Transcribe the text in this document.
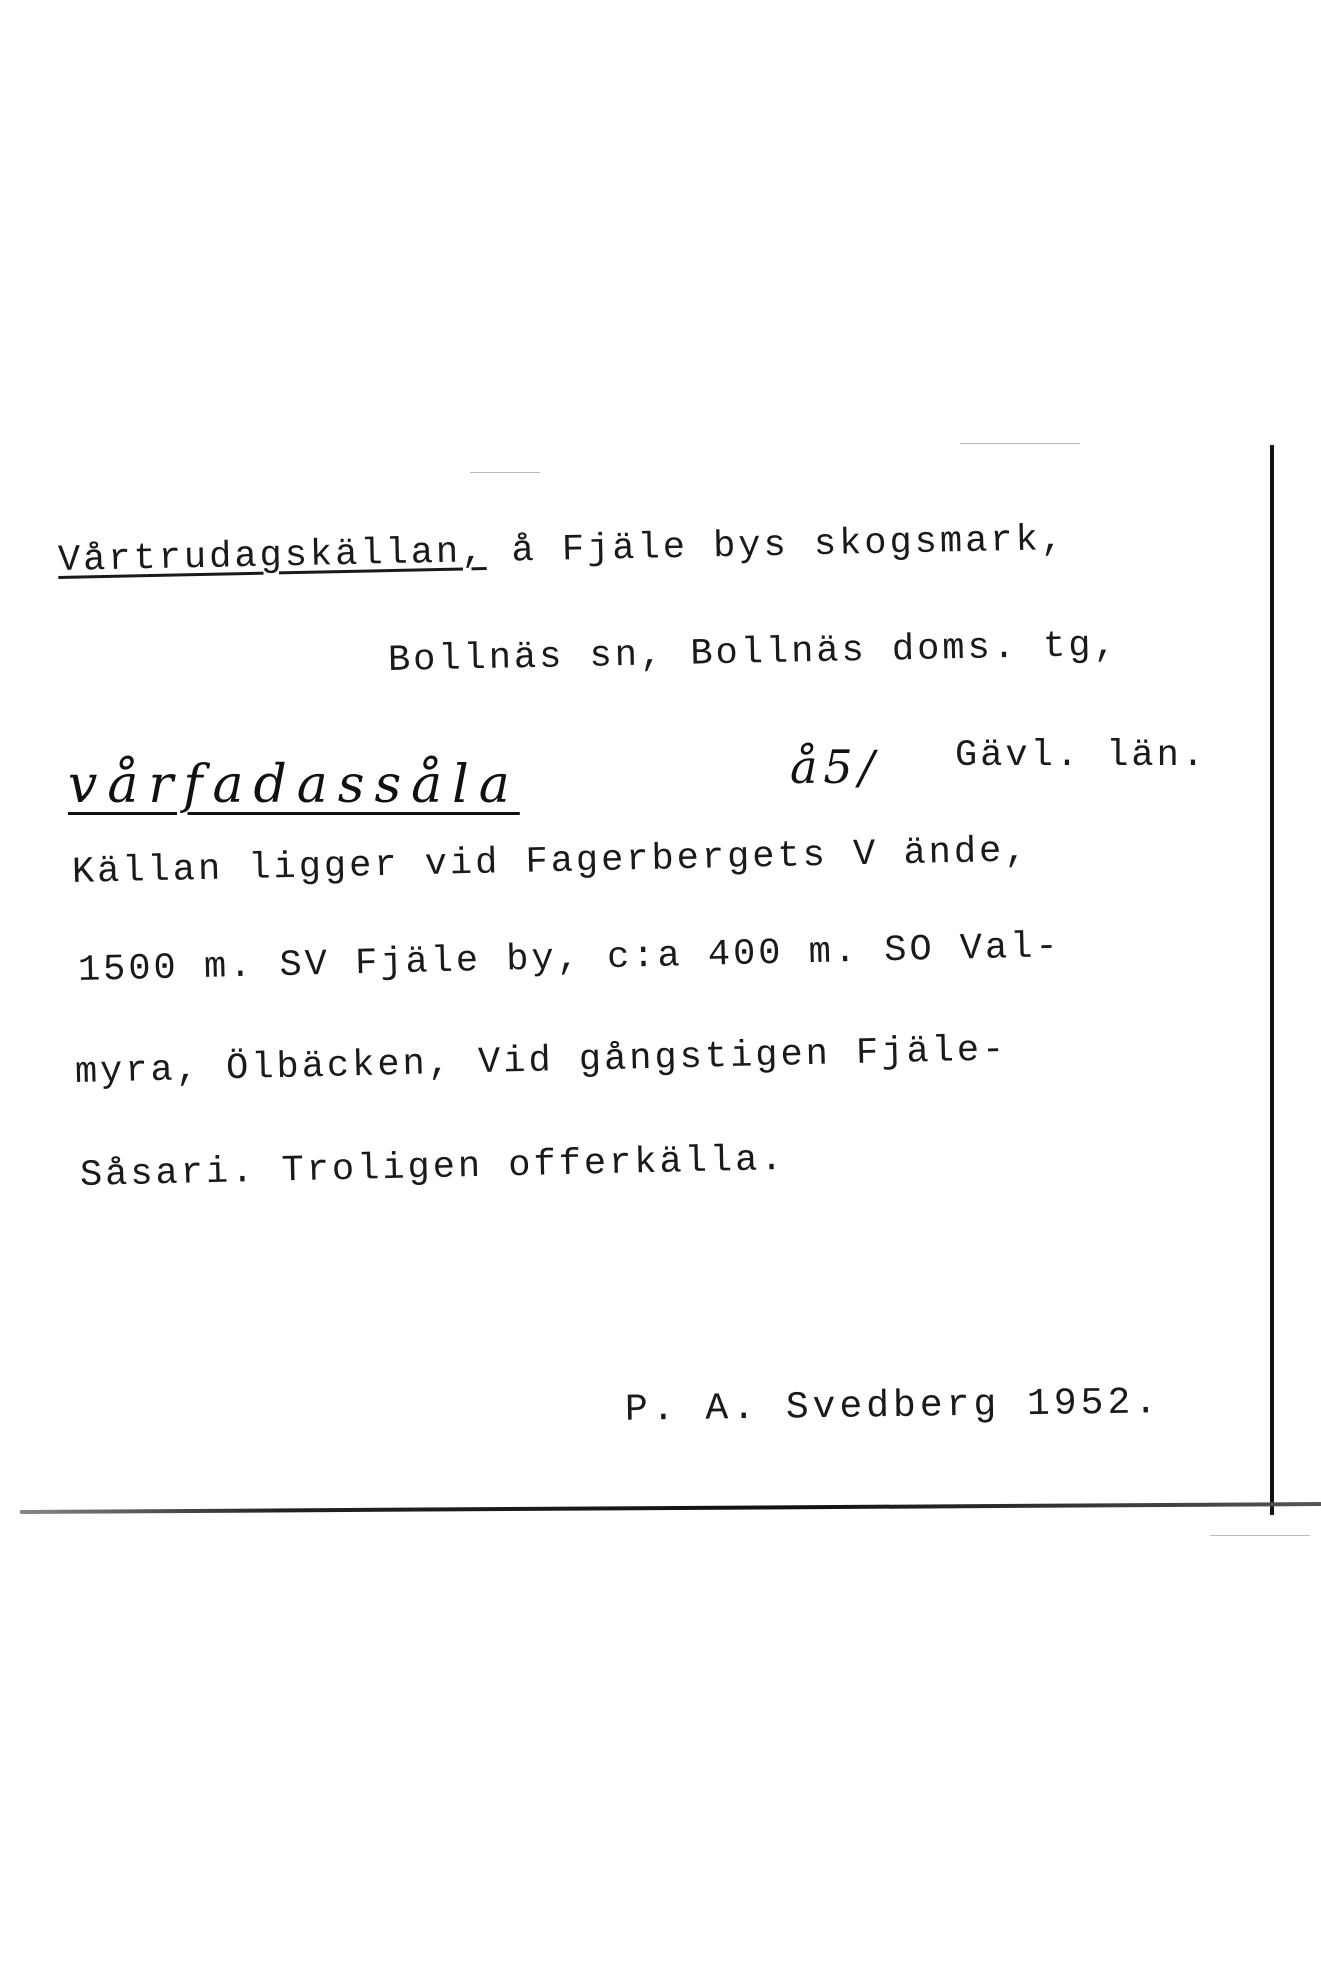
Vårtrudagskällan, å Fjäle bys skogsmark,
Bollnäs sn, Bollnäs doms. tg,
vårfadassåla	å5/ Gävl. län.
Källan ligger vid Fagerbergets V ände,
1500 m. SV Fjäle by, c:a 400 m. SO Val-
myra, Ölbäcken, Vid gångstigen Fjäle-
Såsari. Troligen offerkälla.
P. A. Svedberg 1952.
